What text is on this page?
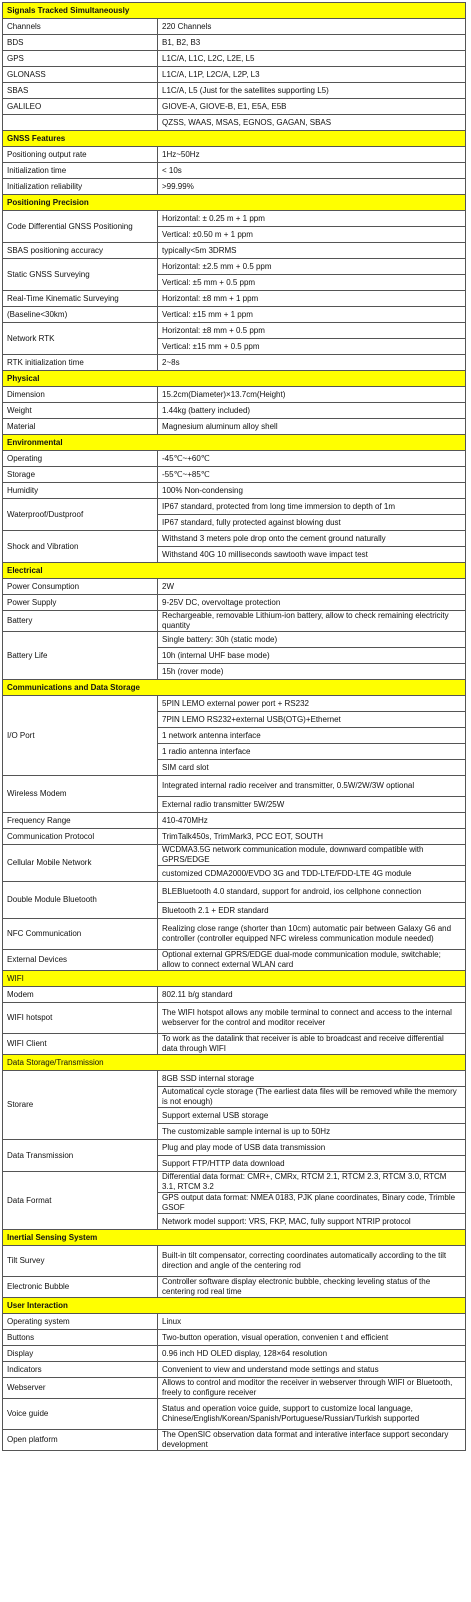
Signals Tracked Simultaneously	
Channels	220 Channels
BDS	B1, B2, B3
GPS	L1C/A, L1C, L2C, L2E, L5
GLONASS	L1C/A, L1P, L2C/A, L2P, L3
SBAS	L1C/A, L5 (Just for the satellites supporting L5)
GALILEO	GIOVE-A, GIOVE-B, E1, E5A, E5B
	QZSS, WAAS, MSAS, EGNOS, GAGAN, SBAS
GNSS Features	
Positioning output rate	1Hz~50Hz
Initialization time	< 10s
Initialization reliability	>99.99%
Positioning Precision	
Code Differential GNSS Positioning	Horizontal: ± 0.25 m + 1 ppm
	Vertical: ±0.50 m + 1 ppm
SBAS positioning accuracy	typically<5m 3DRMS
Static GNSS Surveying	Horizontal: ±2.5 mm + 0.5 ppm
	Vertical: ±5 mm + 0.5 ppm
Real-Time Kinematic Surveying	Horizontal: ±8 mm + 1 ppm
(Baseline<30km)	Vertical: ±15 mm + 1 ppm
Network RTK	Horizontal: ±8 mm + 0.5 ppm
	Vertical: ±15 mm + 0.5 ppm
RTK initialization time	2~8s
Physical	
Dimension	15.2cm(Diameter)×13.7cm(Height)
Weight	1.44kg (battery included)
Material	Magnesium aluminum alloy shell
Environmental	
Operating	-45℃~+60℃
Storage	-55℃~+85℃
Humidity	100% Non-condensing
Waterproof/Dustproof	IP67 standard, protected from long time immersion to depth of 1m
	IP67 standard, fully protected against blowing dust
Shock and Vibration	Withstand 3 meters pole drop onto the cement ground naturally
	Withstand 40G 10 milliseconds sawtooth wave impact test
Electrical	
Power Consumption	2W
Power Supply	9-25V DC, overvoltage protection
Battery	Rechargeable, removable Lithium-ion battery, allow to check remaining electricity quantity
Battery Life	Single battery: 30h (static mode)
	10h (internal UHF base mode)
	15h (rover mode)
Communications and Data Storage	
I/O Port	5PIN LEMO external power port + RS232
	7PIN LEMO RS232+external USB(OTG)+Ethernet
	1 network antenna interface
	1 radio antenna interface
	SIM card slot
Wireless Modem	Integrated internal radio receiver and transmitter, 0.5W/2W/3W optional
	External radio transmitter 5W/25W
Frequency Range	410-470MHz
Communication Protocol	TrimTalk450s, TrimMark3, PCC EOT, SOUTH
Cellular Mobile Network	WCDMA3.5G network communication module, downward compatible with GPRS/EDGE
	customized CDMA2000/EVDO 3G and TDD-LTE/FDD-LTE 4G module
Double Module Bluetooth	BLEBluetooth 4.0 standard, support for android, ios cellphone connection
	Bluetooth 2.1 + EDR standard
NFC Communication	Realizing close range (shorter than 10cm) automatic pair between Galaxy G6 and controller (controller equipped NFC wireless communication module needed)
External Devices	Optional external GPRS/EDGE dual-mode communication module, switchable; allow to connect external WLAN card
WIFI	
Modem	802.11 b/g standard
WIFI hotspot	The WIFI hotspot allows any mobile terminal to connect and access to the internal webserver for the control and moditor receiver
WIFI Client	To work as the datalink that receiver is able to broadcast and receive differential data through WIFI
Data Storage/Transmission	
Storare	8GB SSD internal storage
	Automatical cycle storage (The earliest data files will be removed while the memory is not enough)
	Support external USB storage
	The customizable sample internal is up to 50Hz
Data Transmission	Plug and play mode of USB data transmission
	Support FTP/HTTP data download
Data Format	Differential data format: CMR+, CMRx, RTCM 2.1, RTCM 2.3, RTCM 3.0, RTCM 3.1, RTCM 3.2
	GPS output data format: NMEA 0183, PJK plane coordinates, Binary code, Trimble GSOF
	Network model support: VRS, FKP, MAC, fully support NTRIP protocol
Inertial Sensing System	
Tilt Survey	Built-in tilt compensator, correcting coordinates automatically according to the tilt direction and angle of the centering rod
Electronic Bubble	Controller software display electronic bubble, checking leveling status of the centering rod real time
User Interaction	
Operating system	Linux
Buttons	Two-button operation, visual operation, convenien t and efficient
Display	0.96 inch HD OLED display, 128×64 resolution
Indicators	Convenient to view and understand mode settings and status
Webserver	Allows to control and moditor the receiver in webserver through WIFI or Bluetooth, freely to configure receiver
Voice guide	Status and operation voice guide, support to customize local language, Chinese/English/Korean/Spanish/Portuguese/Russian/Turkish supported
Open platform	The OpenSIC observation data format and interative interface support secondary development
